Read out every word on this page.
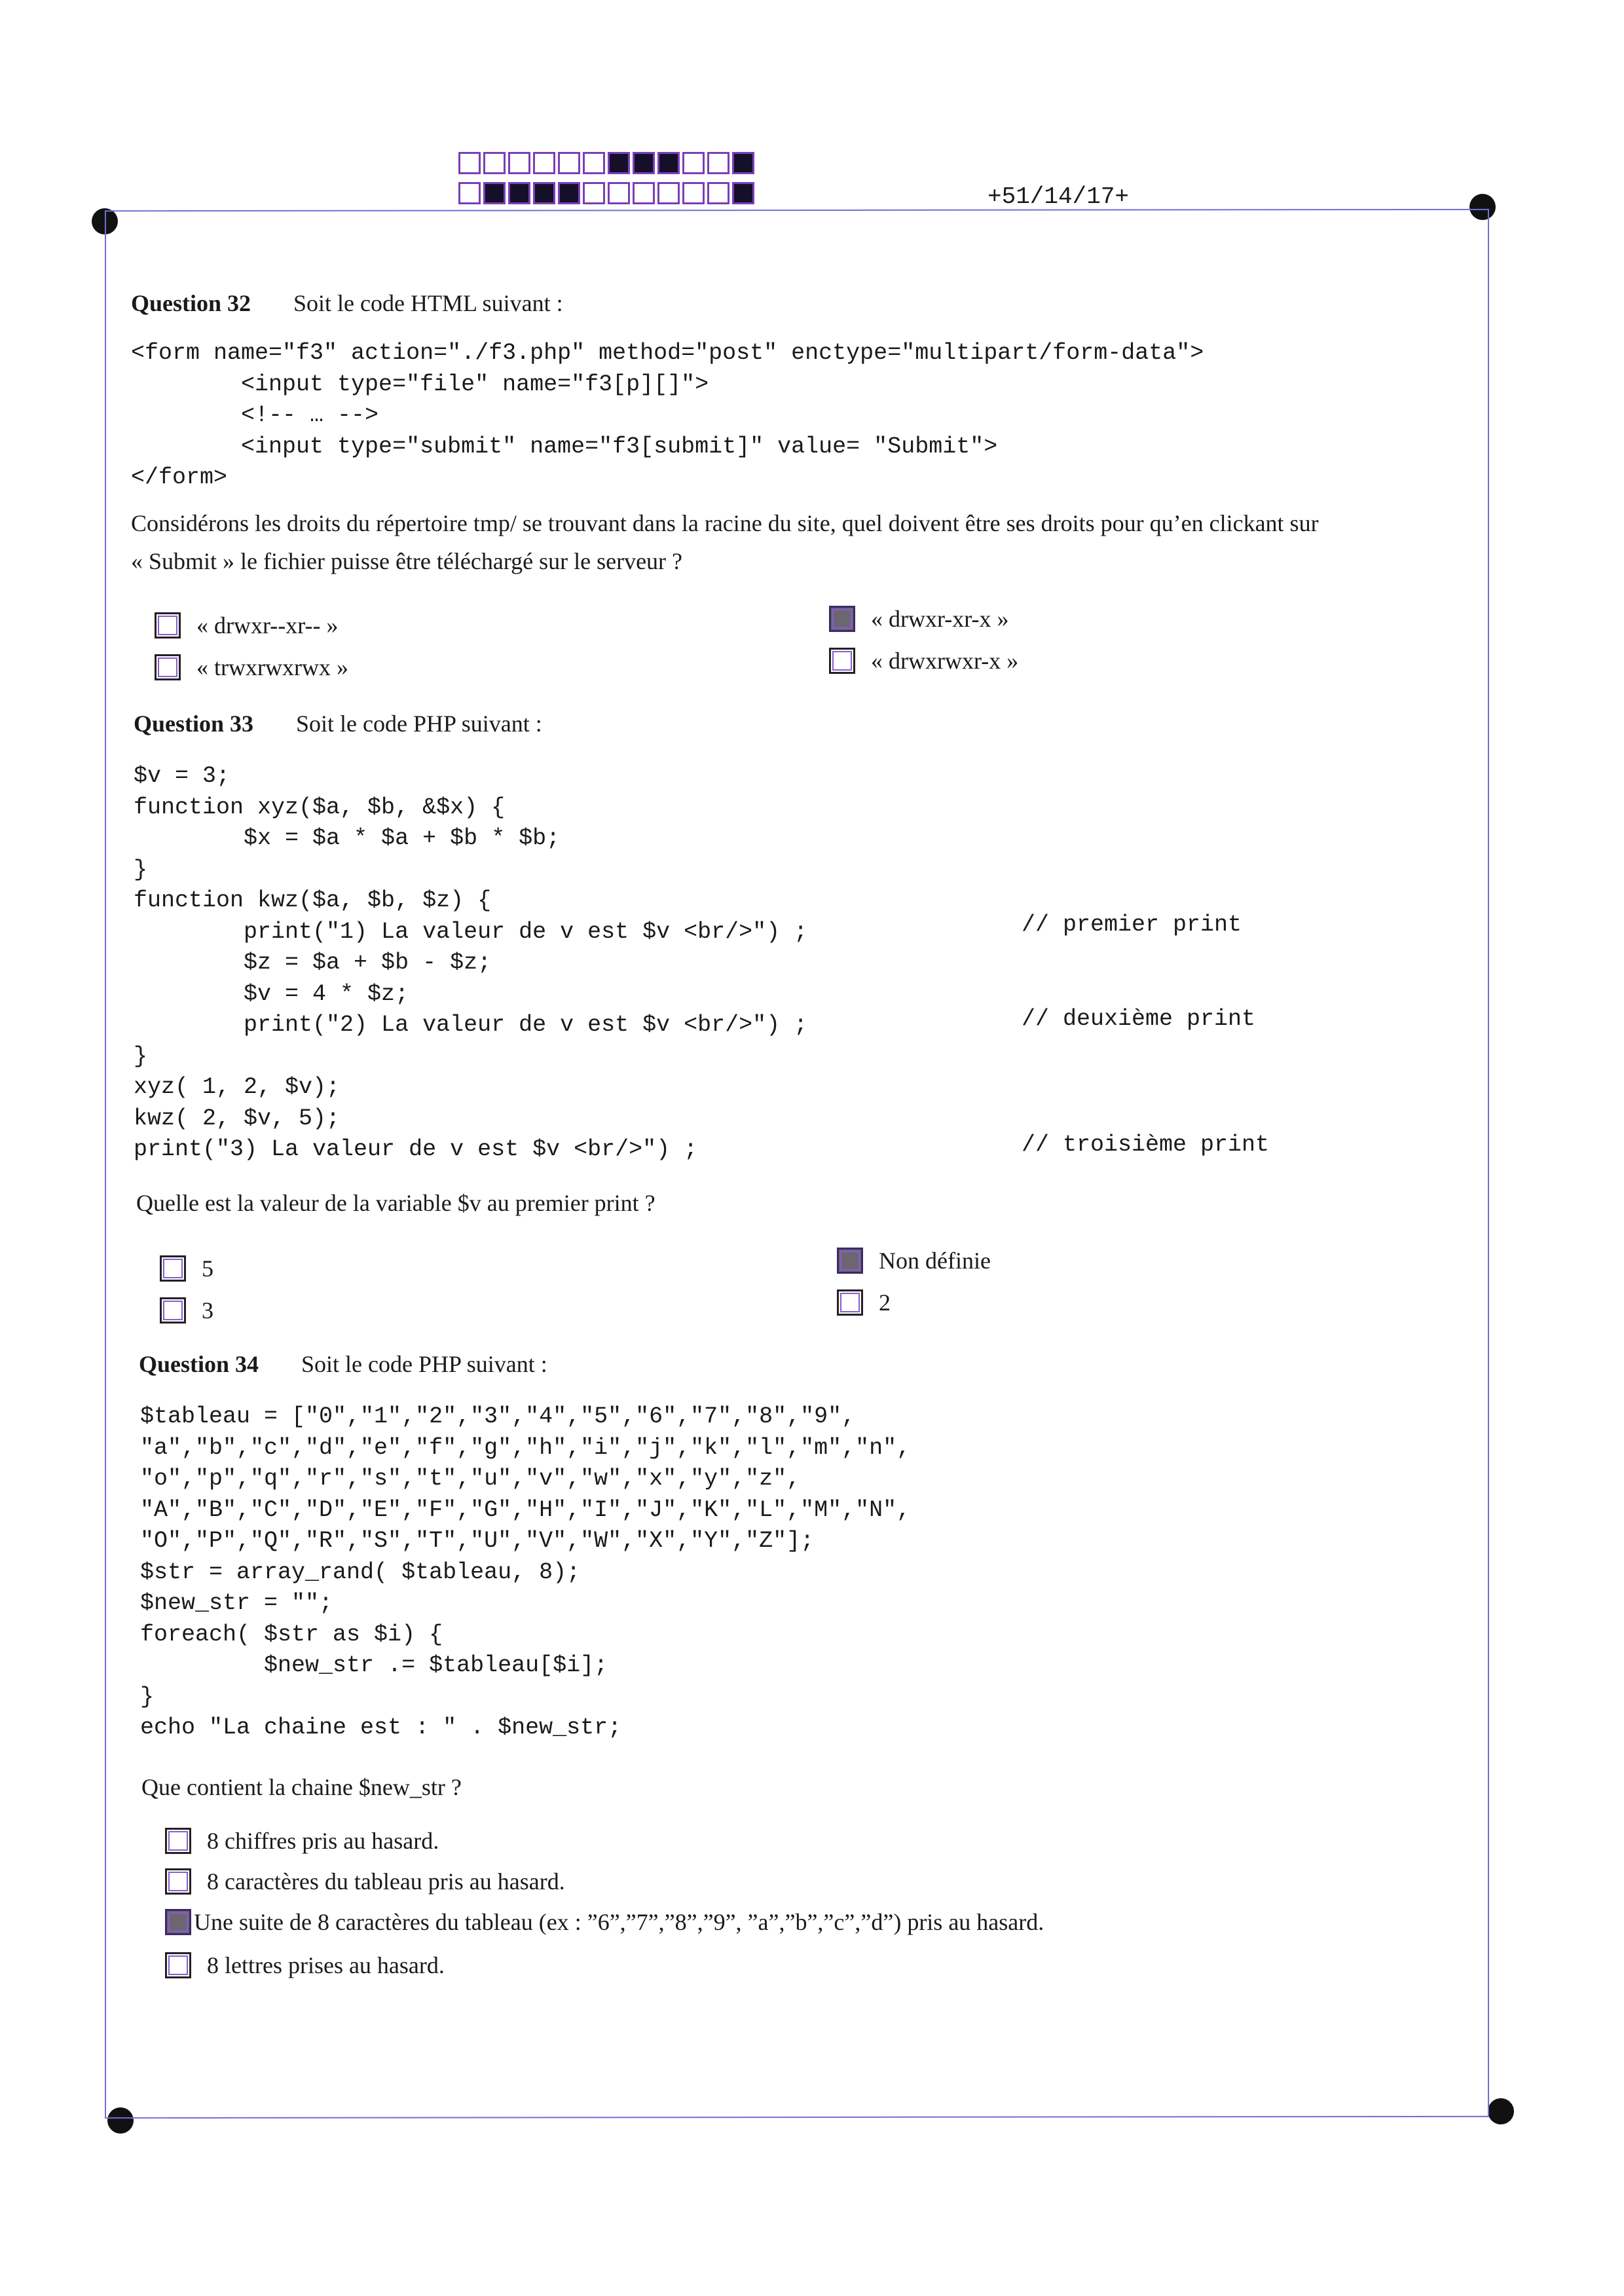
+51/14/17+
Question 32 Soit le code HTML suivant :
<form name="f3" action="./f3.php" method="post" enctype="multipart/form-data">
<input type="file" name="f3[p][]">
<!-- … -->
<input type="submit" name="f3[submit]" value= "Submit">
</form>
Considérons les droits du répertoire tmp/ se trouvant dans la racine du site, quel doivent être ses droits pour qu’en clickant sur
« Submit » le fichier puisse être téléchargé sur le serveur ?
« drwxr--xr-- »	« drwxr-xr-x »
« trwxrwxrwx »	« drwxrwxr-x »
Question 33 Soit le code PHP suivant :
$v = 3;
function xyz($a, $b, &$x) {
$x = $a * $a + $b * $b;
}
function kwz($a, $b, $z) {
print("1) La valeur de v est $v <br/>") ;
$z = $a + $b - $z;
$v = 4 * $z;
print("2) La valeur de v est $v <br/>") ;
}
xyz( 1, 2, $v);
kwz( 2, $v, 5);
print("3) La valeur de v est $v <br/>") ;
// premier print
// deuxième print
// troisième print
Quelle est la valeur de la variable $v au premier print ?
5	Non définie
3	2
Question 34 Soit le code PHP suivant :
$tableau = ["0","1","2","3","4","5","6","7","8","9",
"a","b","c","d","e","f","g","h","i","j","k","l","m","n",
"o","p","q","r","s","t","u","v","w","x","y","z",
"A","B","C","D","E","F","G","H","I","J","K","L","M","N",
"O","P","Q","R","S","T","U","V","W","X","Y","Z"];
$str = array_rand( $tableau, 8);
$new_str = "";
foreach( $str as $i) {
$new_str .= $tableau[$i];
}
echo "La chaine est : " . $new_str;
Que contient la chaine $new_str ?
8 chiffres pris au hasard.
8 caractères du tableau pris au hasard.
Une suite de 8 caractères du tableau (ex : ”6”,”7”,”8”,”9”, ”a”,”b”,”c”,”d”) pris au hasard.
8 lettres prises au hasard.
